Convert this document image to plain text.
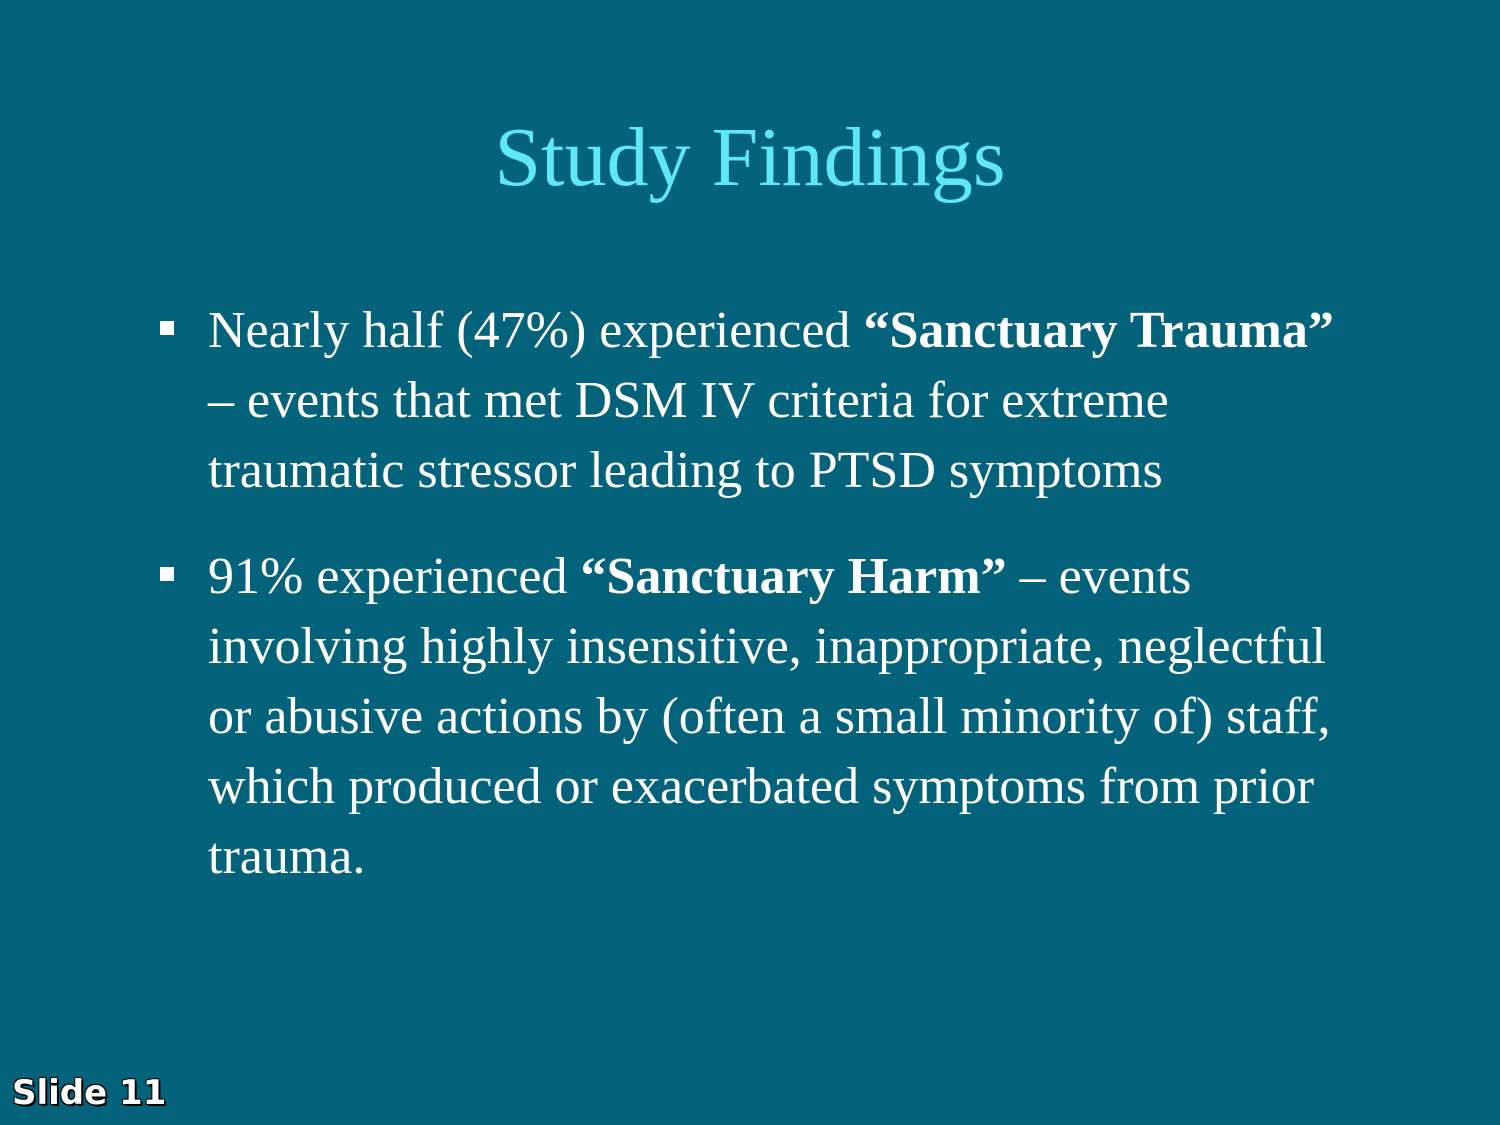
Study Findings
Nearly half (47%) experienced “Sanctuary Trauma” – events that met DSM IV criteria for extreme traumatic stressor leading to PTSD symptoms
91% experienced “Sanctuary Harm” – events involving highly insensitive, inappropriate, neglectful or abusive actions by (often a small minority of) staff, which produced or exacerbated symptoms from prior trauma.
Slide 11
